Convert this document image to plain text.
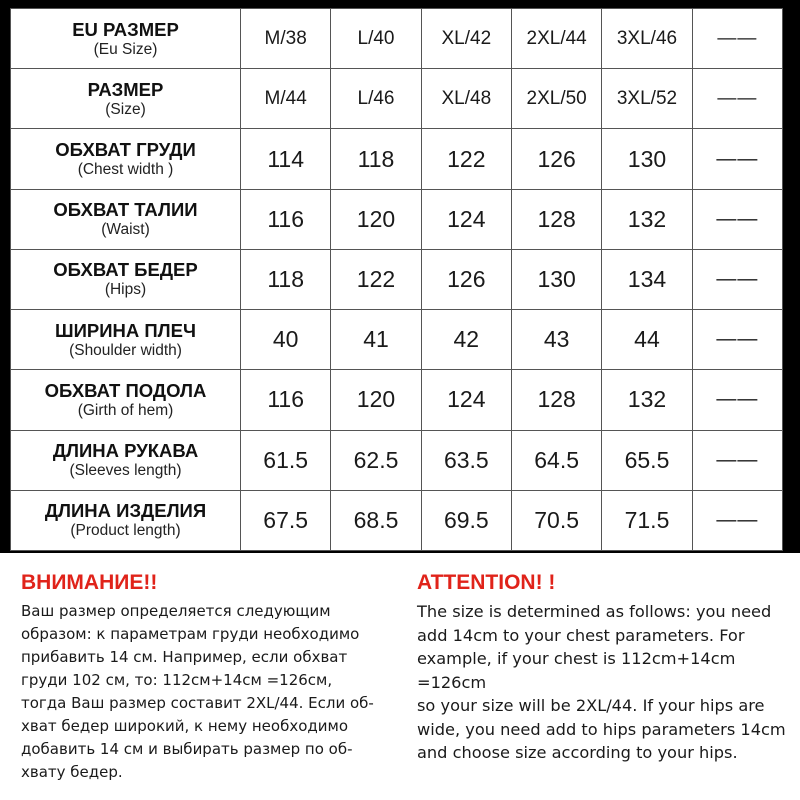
EU РАЗМЕР
(Eu Size)	M/38	L/40	XL/42	2XL/44	3XL/46	——

РАЗМЕР
(Size)	M/44	L/46	XL/48	2XL/50	3XL/52	——

ОБХВАТ ГРУДИ
(Chest width )	114	118	122	126	130	——

ОБХВАТ ТАЛИИ
(Waist)	116	120	124	128	132	——

ОБХВАТ БЕДЕР
(Hips)	118	122	126	130	134	——

ШИРИНА ПЛЕЧ
(Shoulder width)	40	41	42	43	44	——

ОБХВАТ ПОДОЛА
(Girth of hem)	116	120	124	128	132	——

ДЛИНА РУКАВА
(Sleeves length)	61.5	62.5	63.5	64.5	65.5	——

ДЛИНА ИЗДЕЛИЯ
(Product length)	67.5	68.5	69.5	70.5	71.5	——

ВНИМАНИЕ!!

Ваш размер определяется следующим
образом: к параметрам груди необходимо
прибавить 14 см. Например, если обхват
груди 102 см, то: 112см+14см =126см,
тогда Ваш размер составит 2XL/44. Если об-
хват бедер широкий, к нему необходимо
добавить 14 см и выбирать размер по об-
хвату бедер.

ATTENTION! !

The size is determined as follows: you need
add 14cm to your chest parameters. For
example, if your chest is 112cm+14cm =126cm
so your size will be 2XL/44. If your hips are
wide, you need add to hips parameters 14cm
and choose size according to your hips.
